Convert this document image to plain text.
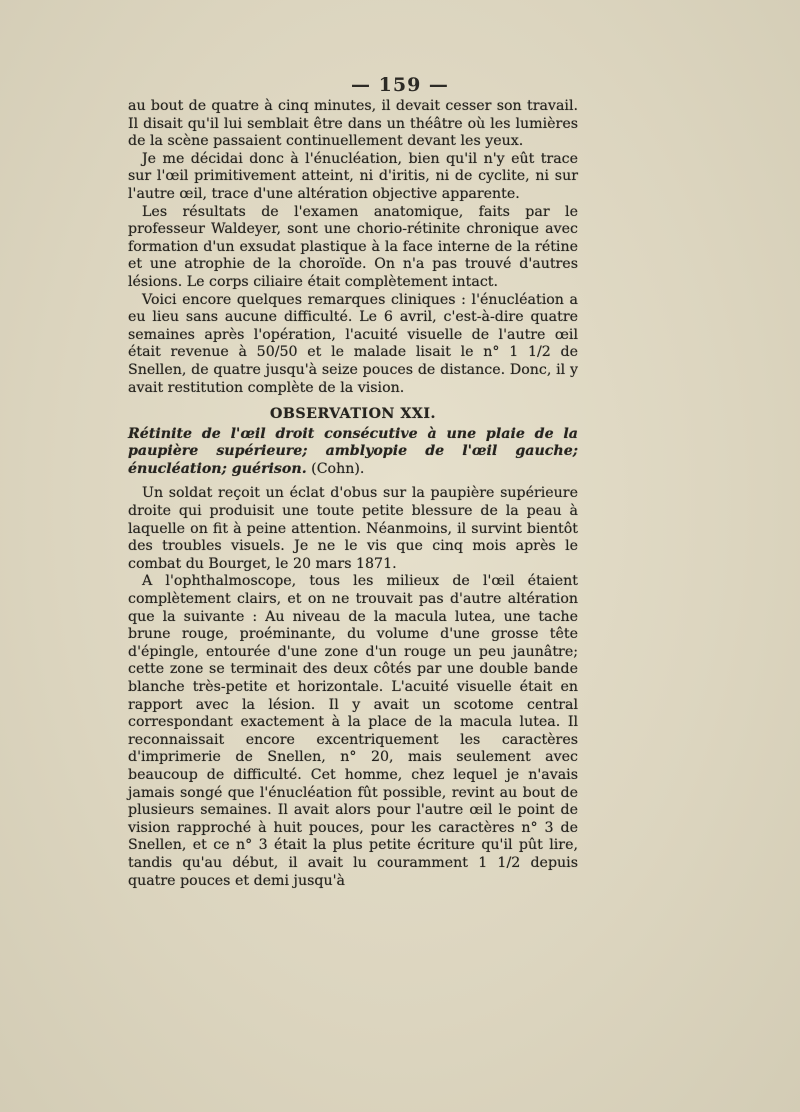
— 159 —

au bout de quatre à cinq minutes, il devait cesser son travail. Il disait qu'il lui semblait être dans un théâtre où les lumières de la scène passaient continuellement devant les yeux.

Je me décidai donc à l'énucléation, bien qu'il n'y eût trace sur l'œil primitivement atteint, ni d'iritis, ni de cyclite, ni sur l'autre œil, trace d'une altération objective apparente.

Les résultats de l'examen anatomique, faits par le professeur Waldeyer, sont une chorio-rétinite chronique avec formation d'un exsudat plastique à la face interne de la rétine et une atrophie de la choroïde. On n'a pas trouvé d'autres lésions. Le corps ciliaire était complètement intact.

Voici encore quelques remarques cliniques : l'énucléation a eu lieu sans aucune difficulté. Le 6 avril, c'est-à-dire quatre semaines après l'opération, l'acuité visuelle de l'autre œil était revenue à 50/50 et le malade lisait le n° 1 1/2 de Snellen, de quatre jusqu'à seize pouces de distance. Donc, il y avait restitution complète de la vision.

OBSERVATION XXI.

Rétinite de l'œil droit consécutive à une plaie de la paupière supérieure; amblyopie de l'œil gauche; énucléation; guérison. (Cohn).

Un soldat reçoit un éclat d'obus sur la paupière supérieure droite qui produisit une toute petite blessure de la peau à laquelle on fit à peine attention. Néanmoins, il survint bientôt des troubles visuels. Je ne le vis que cinq mois après le combat du Bourget, le 20 mars 1871.

A l'ophthalmoscope, tous les milieux de l'œil étaient complètement clairs, et on ne trouvait pas d'autre altération que la suivante : Au niveau de la macula lutea, une tache brune rouge, proéminante, du volume d'une grosse tête d'épingle, entourée d'une zone d'un rouge un peu jaunâtre; cette zone se terminait des deux côtés par une double bande blanche très-petite et horizontale. L'acuité visuelle était en rapport avec la lésion. Il y avait un scotome central correspondant exactement à la place de la macula lutea. Il reconnaissait encore excentriquement les caractères d'imprimerie de Snellen, n° 20, mais seulement avec beaucoup de difficulté. Cet homme, chez lequel je n'avais jamais songé que l'énucléation fût possible, revint au bout de plusieurs semaines. Il avait alors pour l'autre œil le point de vision rapproché à huit pouces, pour les caractères n° 3 de Snellen, et ce n° 3 était la plus petite écriture qu'il pût lire, tandis qu'au début, il avait lu couramment 1 1/2 depuis quatre pouces et demi jusqu'à
